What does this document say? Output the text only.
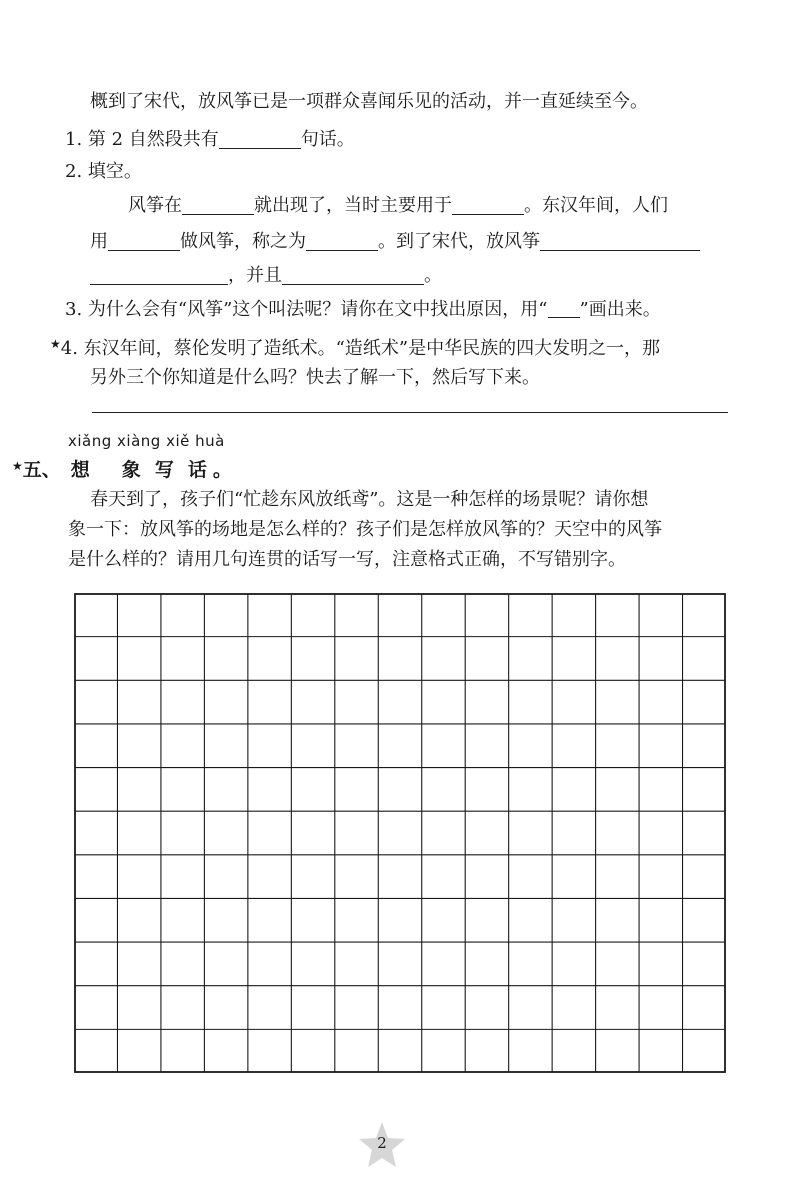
概到了宋代，放风筝已是一项群众喜闻乐见的活动，并一直延续至今。
1. 第 2 自然段共有	句话。
2. 填空。
风筝在	就出现了，当时主要用于	。东汉年间，人们
用	做风筝，称之为	。到了宋代，放风筝
，并且	。
3. 为什么会有“风筝”这个叫法呢？请你在文中找出原因，用“ ”画出来。
★4. 东汉年间，蔡伦发明了造纸术。“造纸术”是中华民族的四大发明之一，那
另外三个你知道是什么吗？快去了解一下，然后写下来。
xiǎng xiàng xiě huà
★五、 想 象 写 话 。
春天到了，孩子们“忙趁东风放纸鸢”。这是一种怎样的场景呢？请你想
象一下：放风筝的场地是怎么样的？孩子们是怎样放风筝的？天空中的风筝
是什么样的？请用几句连贯的话写一写，注意格式正确，不写错别字。
2
